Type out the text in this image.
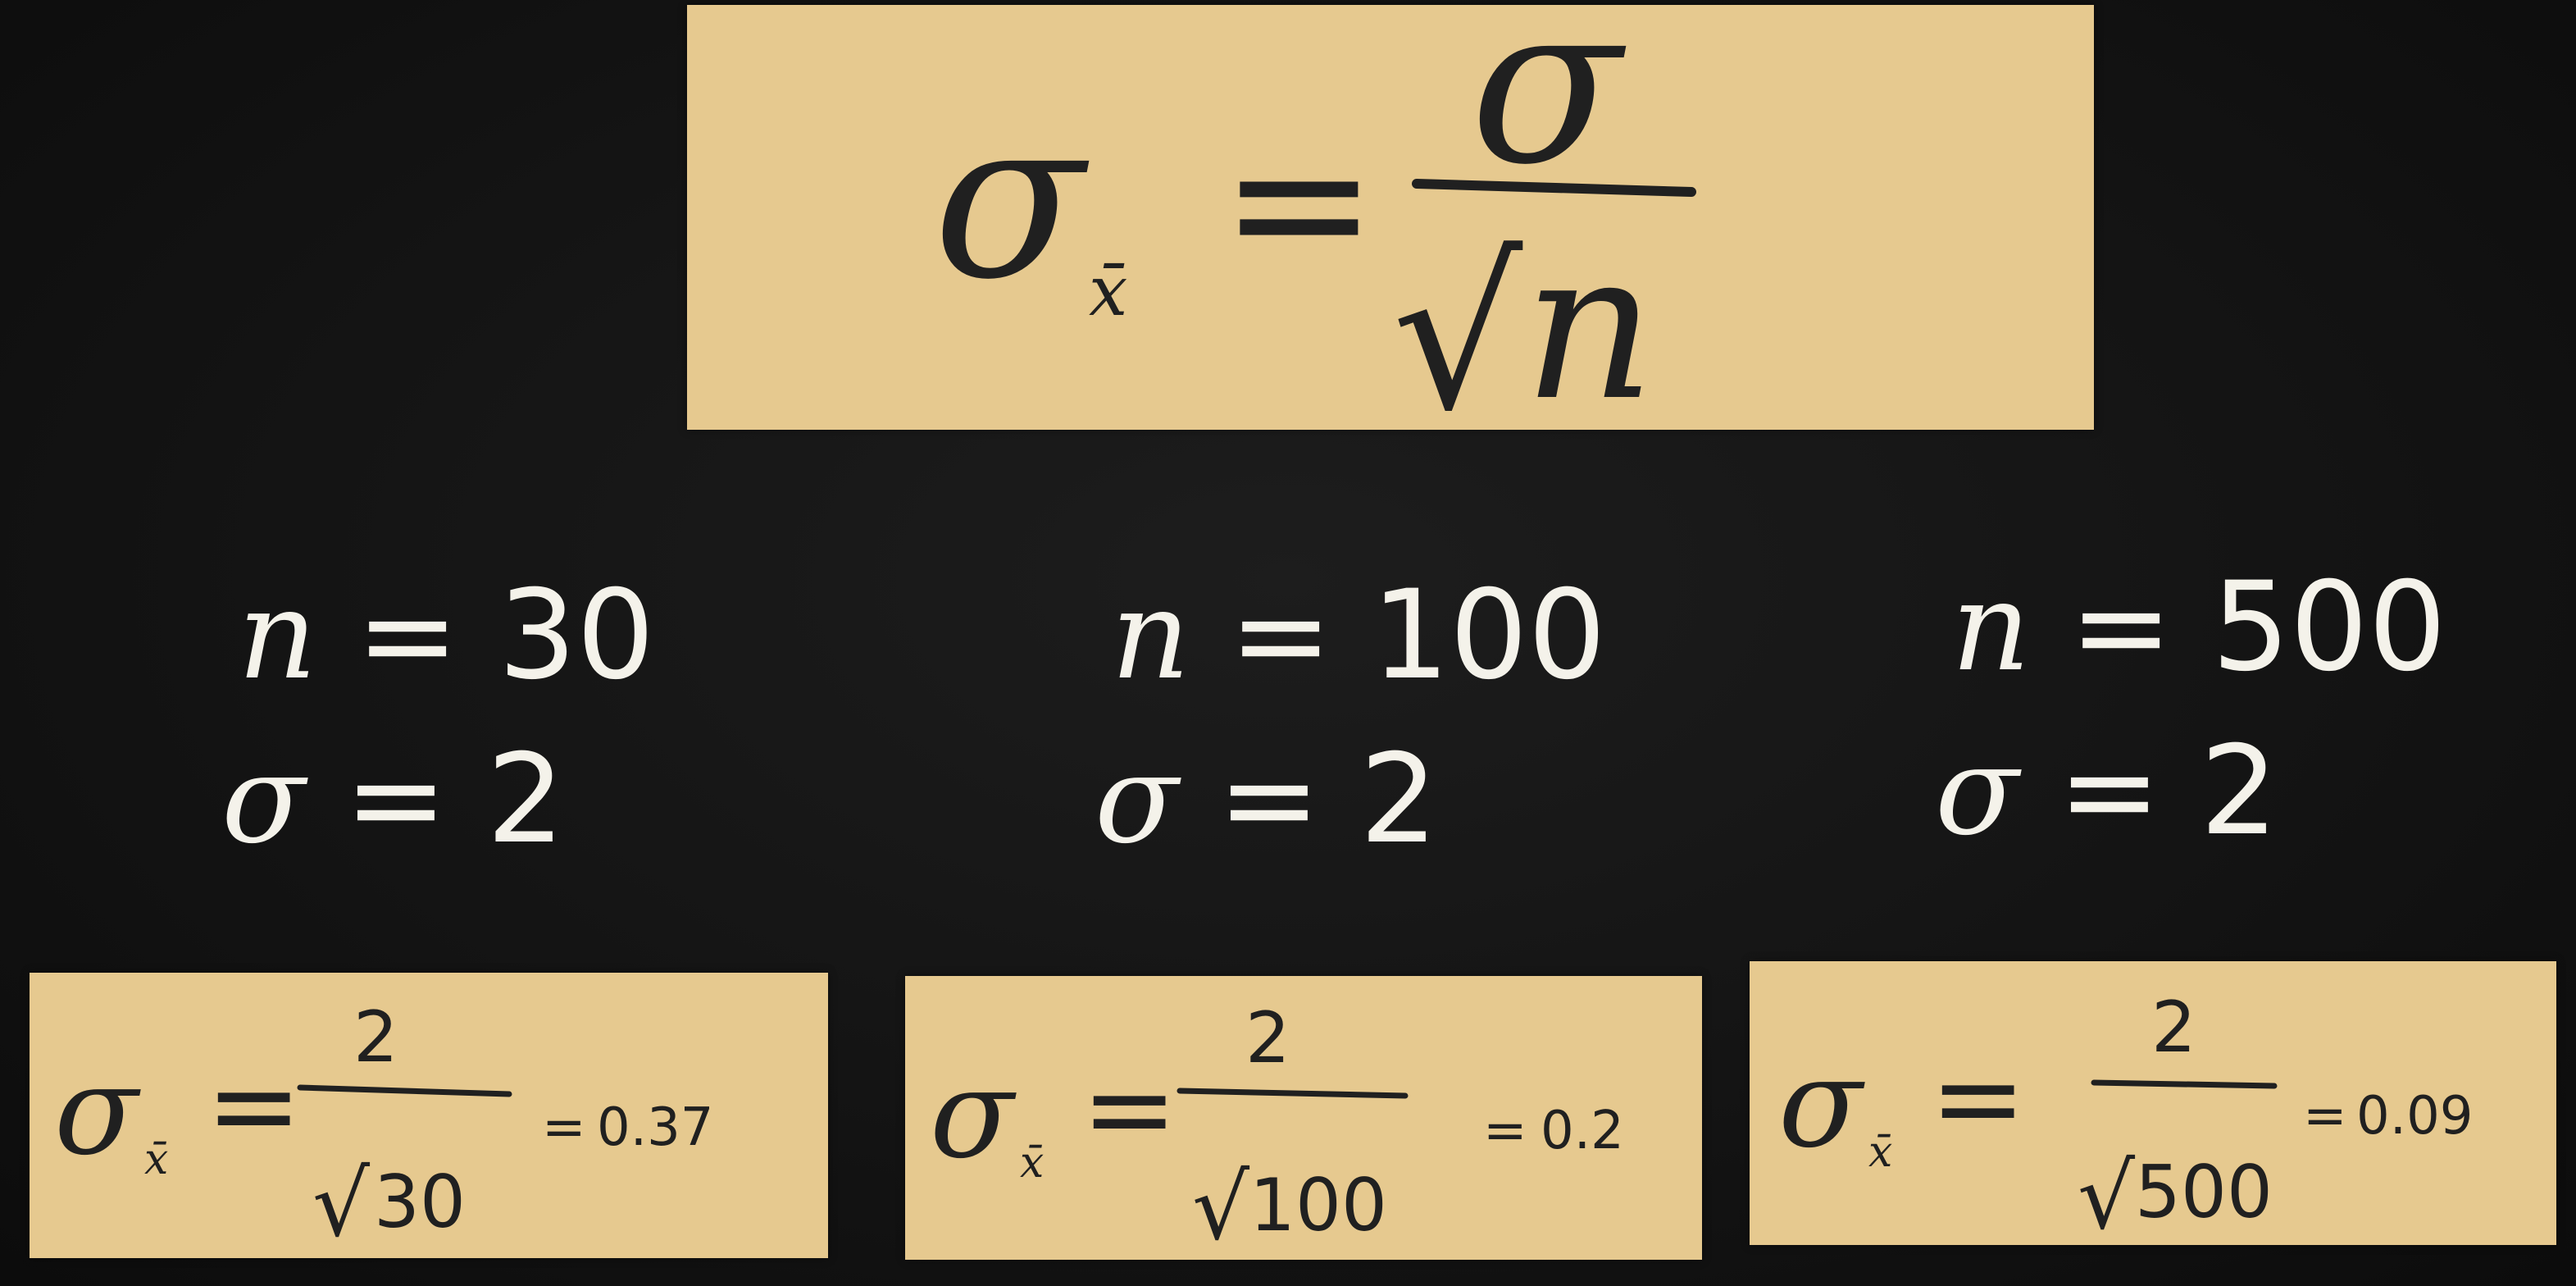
σ x̄ = σ
√ n
n = 30
σ = 2
n = 100
σ = 2
n = 500
σ = 2
σ x̄ =
2
√ 30
= 0.37 σ x̄ =
2
√ 100
= 0.2 σ x̄ =
2
√ 500
= 0.09
